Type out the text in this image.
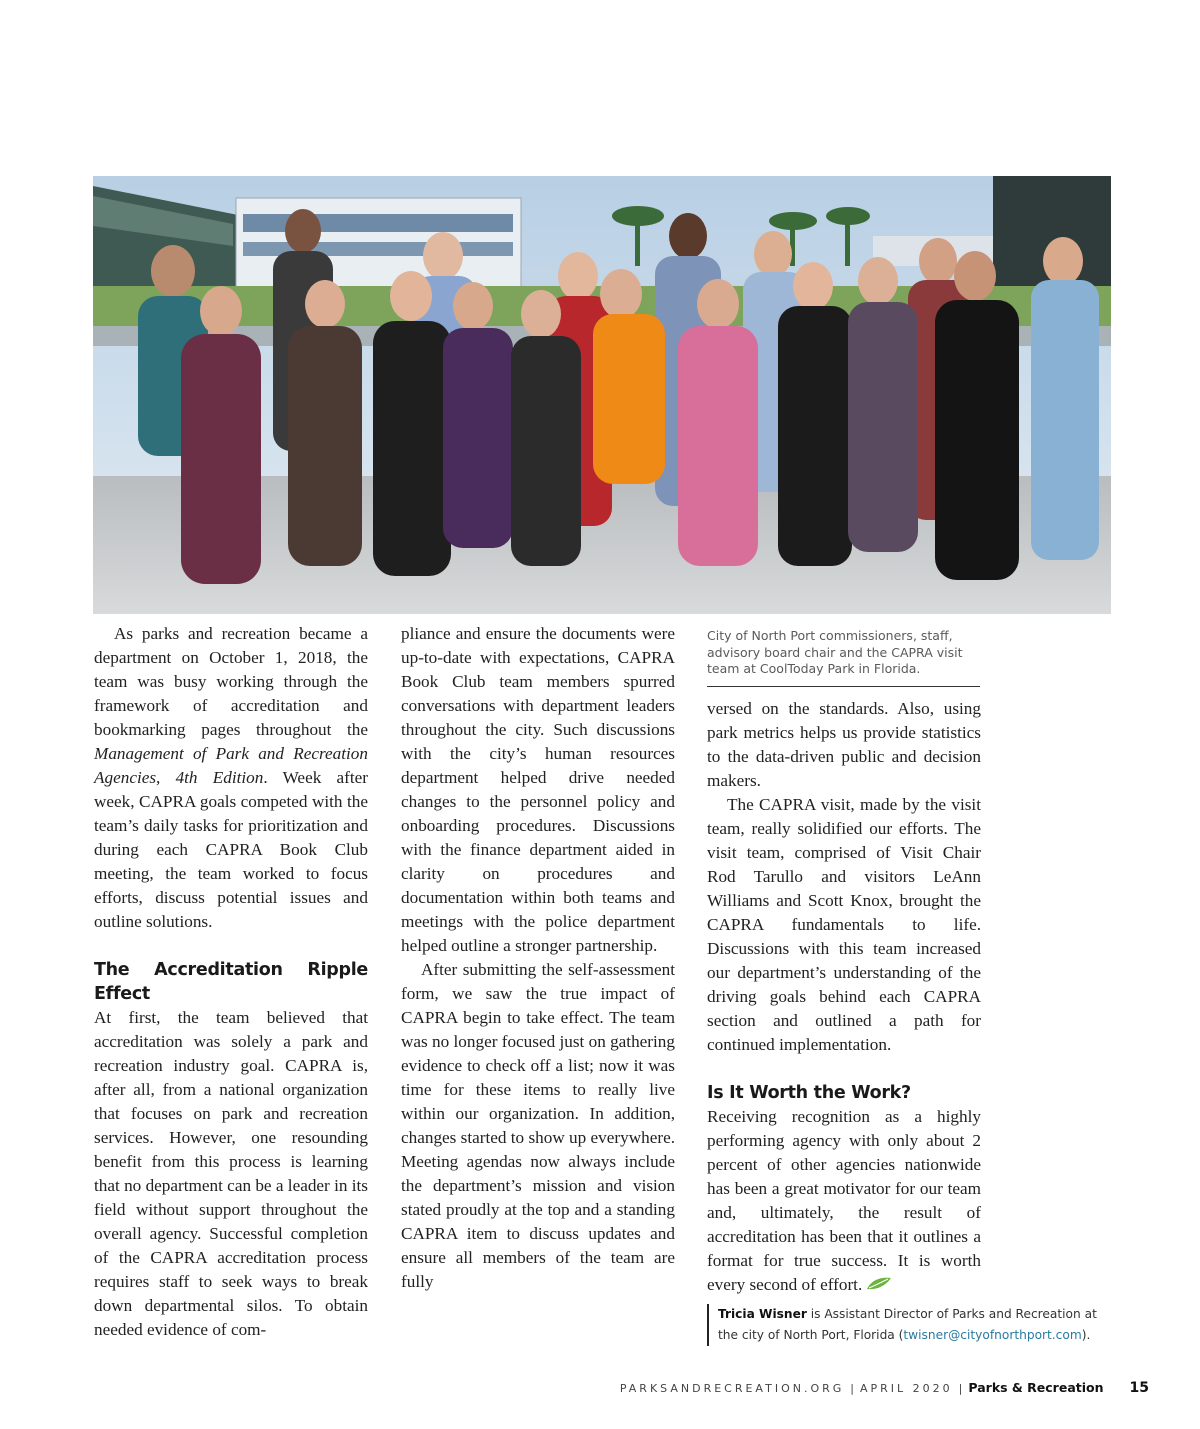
As parks and recreation became a department on October 1, 2018, the team was busy working through the framework of accreditation and bookmarking pages throughout the Management of Park and Recreation Agencies, 4th Edition. Week after week, CAPRA goals competed with the team’s daily tasks for prioritization and during each CAPRA Book Club meeting, the team worked to focus efforts, discuss potential issues and outline solutions.

The Accreditation Ripple Effect

At first, the team believed that accreditation was solely a park and recreation industry goal. CAPRA is, after all, from a national organization that focuses on park and recreation services. However, one resounding benefit from this process is learning that no department can be a leader in its field without support throughout the overall agency. Successful completion of the CAPRA accreditation process requires staff to seek ways to break down departmental silos. To obtain needed evidence of com-

pliance and ensure the documents were up-to-date with expectations, CAPRA Book Club team members spurred conversations with department leaders throughout the city. Such discussions with the city’s human resources department helped drive needed changes to the personnel policy and onboarding procedures. Discussions with the finance department aided in clarity on procedures and documentation within both teams and meetings with the police department helped outline a stronger partnership.

After submitting the self-assessment form, we saw the true impact of CAPRA begin to take effect. The team was no longer focused just on gathering evidence to check off a list; now it was time for these items to really live within our organization. In addition, changes started to show up everywhere. Meeting agendas now always include the department’s mission and vision stated proudly at the top and a standing CAPRA item to discuss updates and ensure all members of the team are fully

City of North Port commissioners, staff, advisory board chair and the CAPRA visit team at CoolToday Park in Florida.

versed on the standards. Also, using park metrics helps us provide statistics to the data-driven public and decision makers.

The CAPRA visit, made by the visit team, really solidified our efforts. The visit team, comprised of Visit Chair Rod Tarullo and visitors LeAnn Williams and Scott Knox, brought the CAPRA fundamentals to life. Discussions with this team increased our department’s understanding of the driving goals behind each CAPRA section and outlined a path for continued implementation.

Is It Worth the Work?

Receiving recognition as a highly performing agency with only about 2 percent of other agencies nationwide has been a great motivator for our team and, ultimately, the result of accreditation has been that it outlines a format for true success. It is worth every second of effort.

Tricia Wisner is Assistant Director of Parks and Recreation at the city of North Port, Florida (twisner@cityofnorthport.com).
PARKSANDRECREATION.ORG | APRIL 2020 | Parks & Recreation 15
